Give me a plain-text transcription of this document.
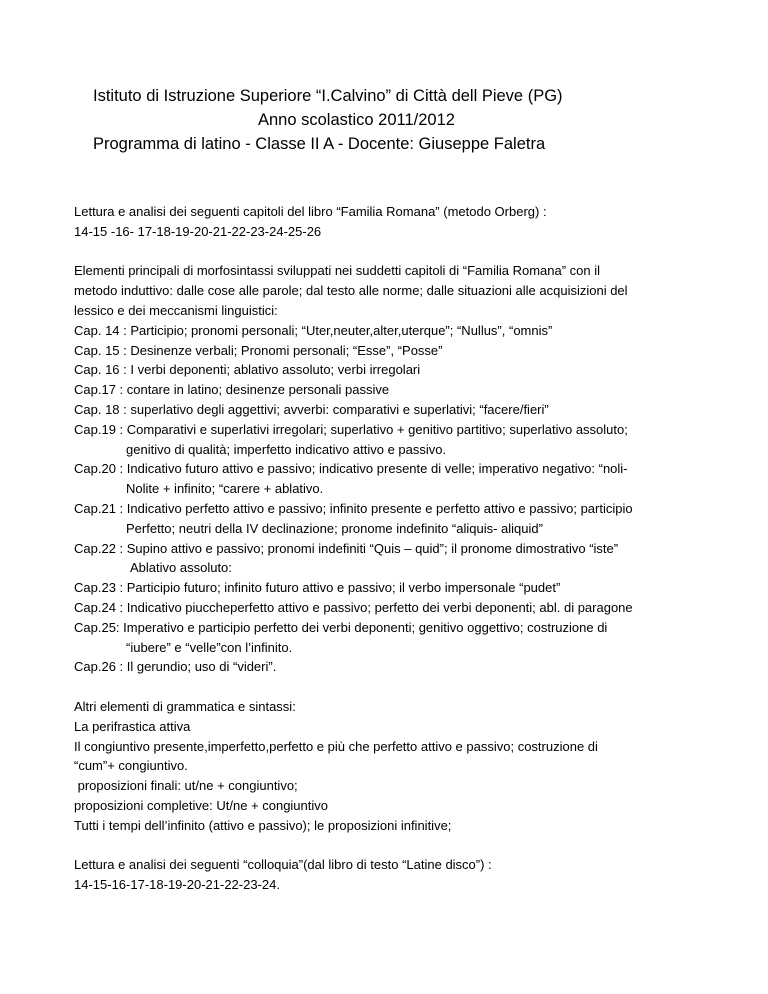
Istituto di Istruzione Superiore “I.Calvino” di Città dell Pieve (PG)
Anno scolastico 2011/2012
Programma di latino - Classe II A - Docente: Giuseppe Faletra
Lettura e analisi dei seguenti capitoli del libro “Familia Romana” (metodo Orberg) :
14-15 -16- 17-18-19-20-21-22-23-24-25-26
Elementi principali di morfosintassi sviluppati nei suddetti capitoli di “Familia Romana” con il
metodo induttivo: dalle cose alle parole; dal testo alle norme; dalle situazioni alle acquisizioni del
lessico e dei meccanismi linguistici:
Cap. 14 : Participio; pronomi personali; “Uter,neuter,alter,uterque”; “Nullus”, “omnis”
Cap. 15 : Desinenze verbali; Pronomi personali; “Esse”, “Posse”
Cap. 16 : I verbi deponenti; ablativo assoluto; verbi irregolari
Cap.17 : contare in latino; desinenze personali passive
Cap. 18 : superlativo degli aggettivi; avverbi: comparativi e superlativi; “facere/fieri”
Cap.19 : Comparativi e superlativi irregolari; superlativo + genitivo partitivo; superlativo assoluto;
genitivo di qualità; imperfetto indicativo attivo e passivo.
Cap.20 : Indicativo futuro attivo e passivo; indicativo presente di velle; imperativo negativo: “noli-
Nolite + infinito; “carere + ablativo.
Cap.21 : Indicativo perfetto attivo e passivo; infinito presente e perfetto attivo e passivo; participio
Perfetto; neutri della IV declinazione; pronome indefinito “aliquis- aliquid”
Cap.22 : Supino attivo e passivo; pronomi indefiniti “Quis – quid”; il pronome dimostrativo “iste”
Ablativo assoluto:
Cap.23 : Participio futuro; infinito futuro attivo e passivo; il verbo impersonale “pudet”
Cap.24 : Indicativo piuccheperfetto attivo e passivo; perfetto dei verbi deponenti; abl. di paragone
Cap.25: Imperativo e participio perfetto dei verbi deponenti; genitivo oggettivo; costruzione di
“iubere” e “velle”con l’infinito.
Cap.26 : Il gerundio; uso di “videri”.
Altri elementi di grammatica e sintassi:
La perifrastica attiva
Il congiuntivo presente,imperfetto,perfetto e più che perfetto attivo e passivo; costruzione di
“cum”+ congiuntivo.
proposizioni finali: ut/ne + congiuntivo;
proposizioni completive: Ut/ne + congiuntivo
Tutti i tempi dell’infinito (attivo e passivo); le proposizioni infinitive;
Lettura e analisi dei seguenti “colloquia”(dal libro di testo “Latine disco”) :
14-15-16-17-18-19-20-21-22-23-24.
